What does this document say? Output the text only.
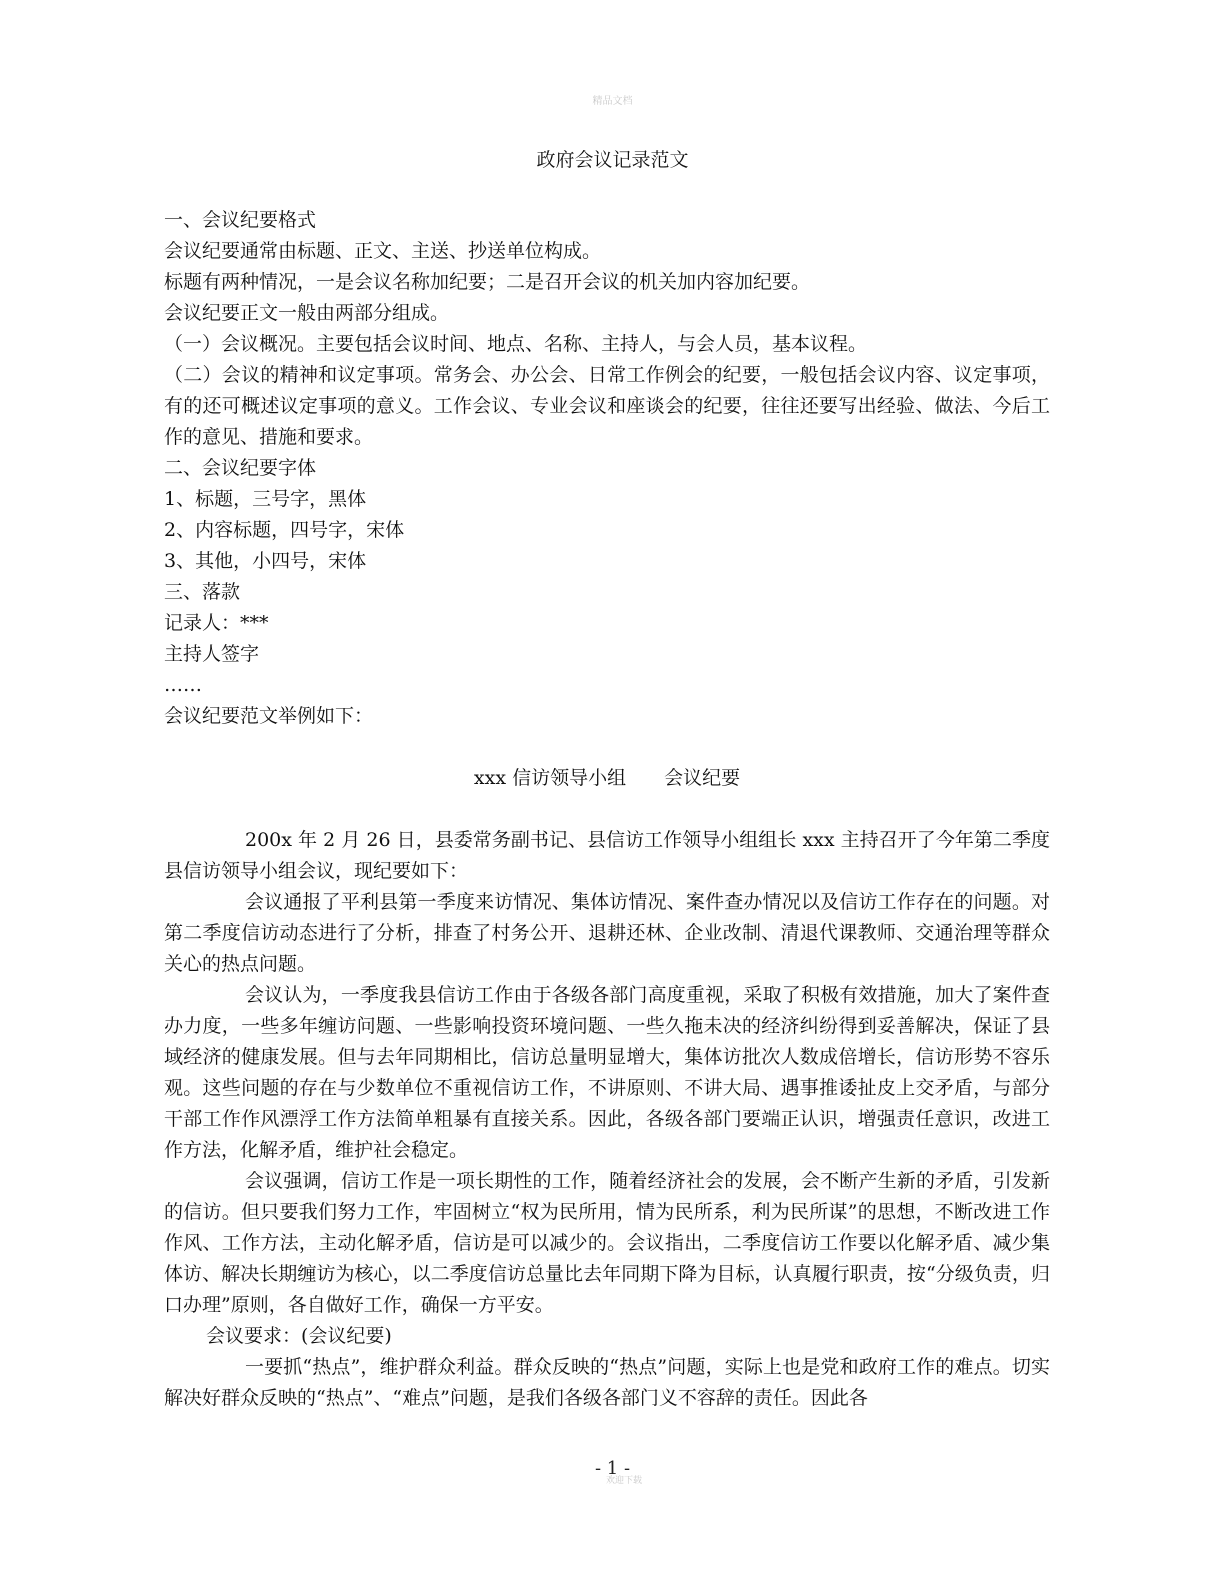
精品文档
政府会议记录范文

一、会议纪要格式

会议纪要通常由标题、正文、主送、抄送单位构成。

标题有两种情况，一是会议名称加纪要；二是召开会议的机关加内容加纪要。

会议纪要正文一般由两部分组成。

（一）会议概况。主要包括会议时间、地点、名称、主持人，与会人员，基本议程。

（二）会议的精神和议定事项。常务会、办公会、日常工作例会的纪要，一般包括会议内容、议定事项，有的还可概述议定事项的意义。工作会议、专业会议和座谈会的纪要，往往还要写出经验、做法、今后工作的意见、措施和要求。

二、会议纪要字体

1、标题，三号字，黑体

2、内容标题，四号字，宋体

3、其他，小四号，宋体

三、落款

记录人：***

主持人签字

……

会议纪要范文举例如下：

xxx 信访领导小组 会议纪要

200x 年 2 月 26 日，县委常务副书记、县信访工作领导小组组长 xxx 主持召开了今年第二季度县信访领导小组会议，现纪要如下：

会议通报了平利县第一季度来访情况、集体访情况、案件查办情况以及信访工作存在的问题。对第二季度信访动态进行了分析，排查了村务公开、退耕还林、企业改制、清退代课教师、交通治理等群众关心的热点问题。

会议认为，一季度我县信访工作由于各级各部门高度重视，采取了积极有效措施，加大了案件查办力度，一些多年缠访问题、一些影响投资环境问题、一些久拖未决的经济纠纷得到妥善解决，保证了县域经济的健康发展。但与去年同期相比，信访总量明显增大，集体访批次人数成倍增长，信访形势不容乐观。这些问题的存在与少数单位不重视信访工作，不讲原则、不讲大局、遇事推诿扯皮上交矛盾，与部分干部工作作风漂浮工作方法简单粗暴有直接关系。因此，各级各部门要端正认识，增强责任意识，改进工作方法，化解矛盾，维护社会稳定。

会议强调，信访工作是一项长期性的工作，随着经济社会的发展，会不断产生新的矛盾，引发新的信访。但只要我们努力工作，牢固树立“权为民所用，情为民所系，利为民所谋”的思想，不断改进工作作风、工作方法，主动化解矛盾，信访是可以减少的。会议指出，二季度信访工作要以化解矛盾、减少集体访、解决长期缠访为核心，以二季度信访总量比去年同期下降为目标，认真履行职责，按“分级负责，归口办理”原则，各自做好工作，确保一方平安。

会议要求：(会议纪要)

一要抓“热点”，维护群众利益。群众反映的“热点”问题，实际上也是党和政府工作的难点。切实解决好群众反映的“热点”、“难点”问题，是我们各级各部门义不容辞的责任。因此各

- 1 -
欢迎下载
